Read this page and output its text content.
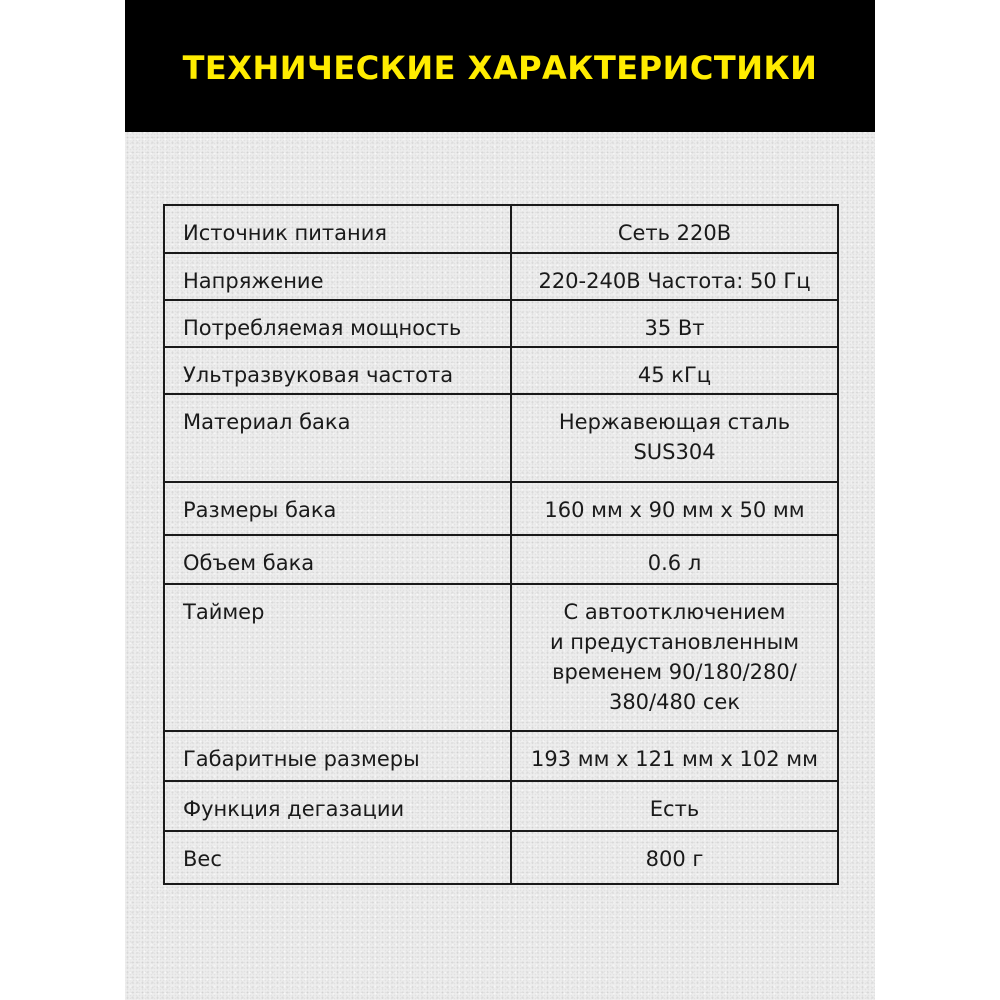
ТЕХНИЧЕСКИЕ ХАРАКТЕРИСТИКИ
Источник питания	Сеть 220В
Напряжение	220-240В Частота: 50 Гц
Потребляемая мощность	35 Вт
Ультразвуковая частота	45 кГц
Материал бака	Нержавеющая сталь
SUS304

Размеры бака	160 мм х 90 мм х 50 мм
Объем бака	0.6 л
Таймер	С автоотключением
и предустановленным
временем 90/180/280/
380/480 сек

Габаритные размеры	193 мм х 121 мм х 102 мм
Функция дегазации	Есть
Вес	800 г
